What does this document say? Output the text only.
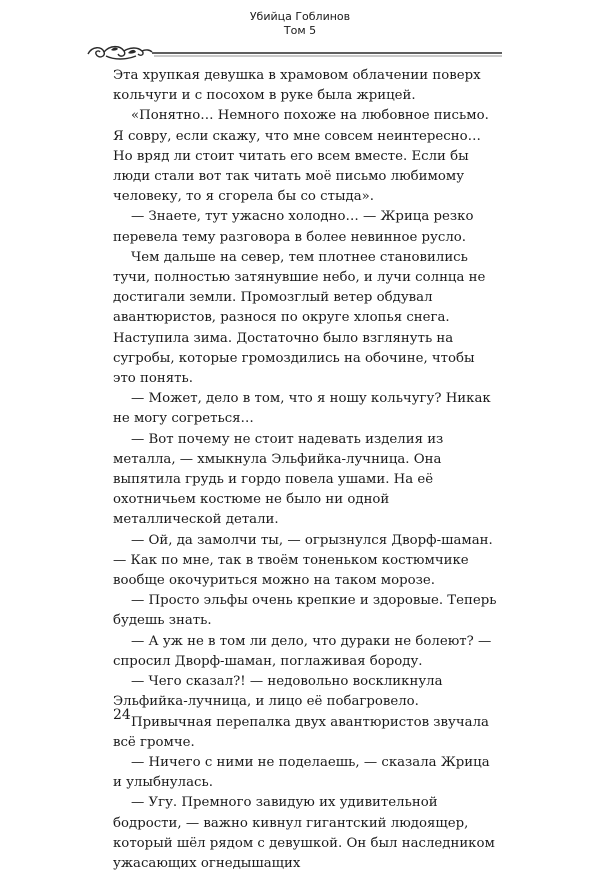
Убийца Гоблинов
Том 5

Эта хрупкая девушка в храмовом облачении поверх кольчуги и с посохом в руке была жрицей.

«Понятно… Немного похоже на любовное письмо. Я совру, если скажу, что мне совсем неинтересно… Но вряд ли стоит читать его всем вместе. Если бы люди стали вот так читать моё письмо любимому человеку, то я сгорела бы со стыда».

— Знаете, тут ужасно холодно… — Жрица резко перевела тему разговора в более невинное русло.

Чем дальше на север, тем плотнее становились тучи, полностью затянувшие небо, и лучи солнца не достигали земли. Промозглый ветер обдувал авантюристов, разнося по округе хлопья снега. Наступила зима. Достаточно было взглянуть на сугробы, которые громоздились на обочине, чтобы это понять.

— Может, дело в том, что я ношу кольчугу? Никак не могу согреться…

— Вот почему не стоит надевать изделия из металла, — хмыкнула Эльфийка-лучница. Она выпятила грудь и гордо повела ушами. На её охотничьем костюме не было ни одной металлической детали.

— Ой, да замолчи ты, — огрызнулся Дворф-шаман. — Как по мне, так в твоём тоненьком костюмчике вообще окочуриться можно на таком морозе.

— Просто эльфы очень крепкие и здоровые. Теперь будешь знать.

— А уж не в том ли дело, что дураки не болеют? — спросил Дворф-шаман, поглаживая бороду.

— Чего сказал?! — недовольно воскликнула Эльфийка-лучница, и лицо её побагровело.

Привычная перепалка двух авантюристов звучала всё громче.

— Ничего с ними не поделаешь, — сказала Жрица и улыбнулась.

— Угу. Премного завидую их удивительной бодрости, — важно кивнул гигантский людоящер, который шёл рядом с девушкой. Он был наследником ужасающих огнедышащих

24
